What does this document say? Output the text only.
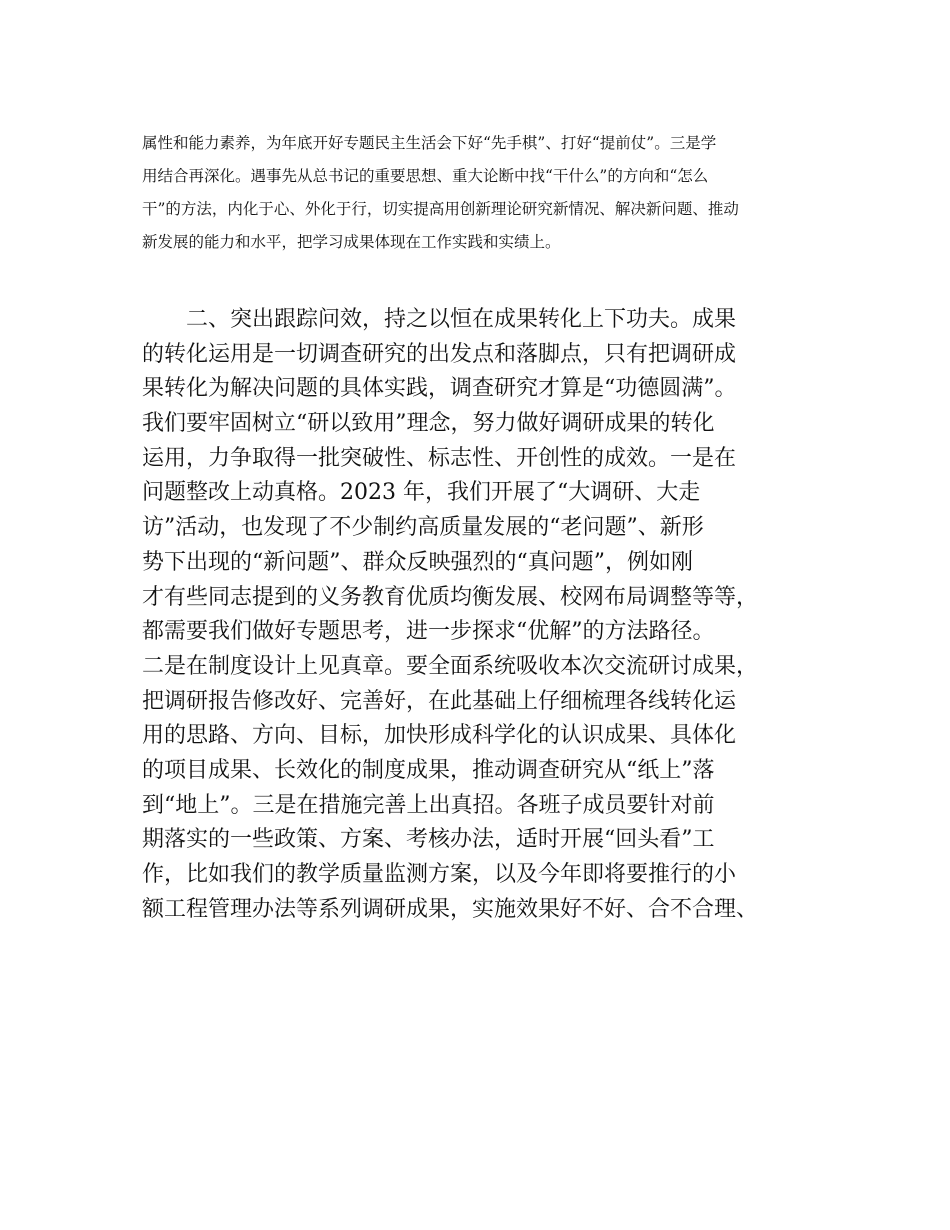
属性和能力素养，为年底开好专题民主生活会下好“先手棋”、打好“提前仗”。三是学
用结合再深化。遇事先从总书记的重要思想、重大论断中找“干什么”的方向和“怎么
干”的方法，内化于心、外化于行，切实提高用创新理论研究新情况、解决新问题、推动
新发展的能力和水平，把学习成果体现在工作实践和实绩上。
　　二、突出跟踪问效，持之以恒在成果转化上下功夫。成果
的转化运用是一切调查研究的出发点和落脚点，只有把调研成
果转化为解决问题的具体实践，调查研究才算是“功德圆满”。
我们要牢固树立“研以致用”理念，努力做好调研成果的转化
运用，力争取得一批突破性、标志性、开创性的成效。一是在
问题整改上动真格。2023 年，我们开展了“大调研、大走
访”活动，也发现了不少制约高质量发展的“老问题”、新形
势下出现的“新问题”、群众反映强烈的“真问题”，例如刚
才有些同志提到的义务教育优质均衡发展、校网布局调整等等，
都需要我们做好专题思考，进一步探求“优解”的方法路径。
二是在制度设计上见真章。要全面系统吸收本次交流研讨成果，
把调研报告修改好、完善好，在此基础上仔细梳理各线转化运
用的思路、方向、目标，加快形成科学化的认识成果、具体化
的项目成果、长效化的制度成果，推动调查研究从“纸上”落
到“地上”。三是在措施完善上出真招。各班子成员要针对前
期落实的一些政策、方案、考核办法，适时开展“回头看”工
作，比如我们的教学质量监测方案，以及今年即将要推行的小
额工程管理办法等系列调研成果，实施效果好不好、合不合理、
